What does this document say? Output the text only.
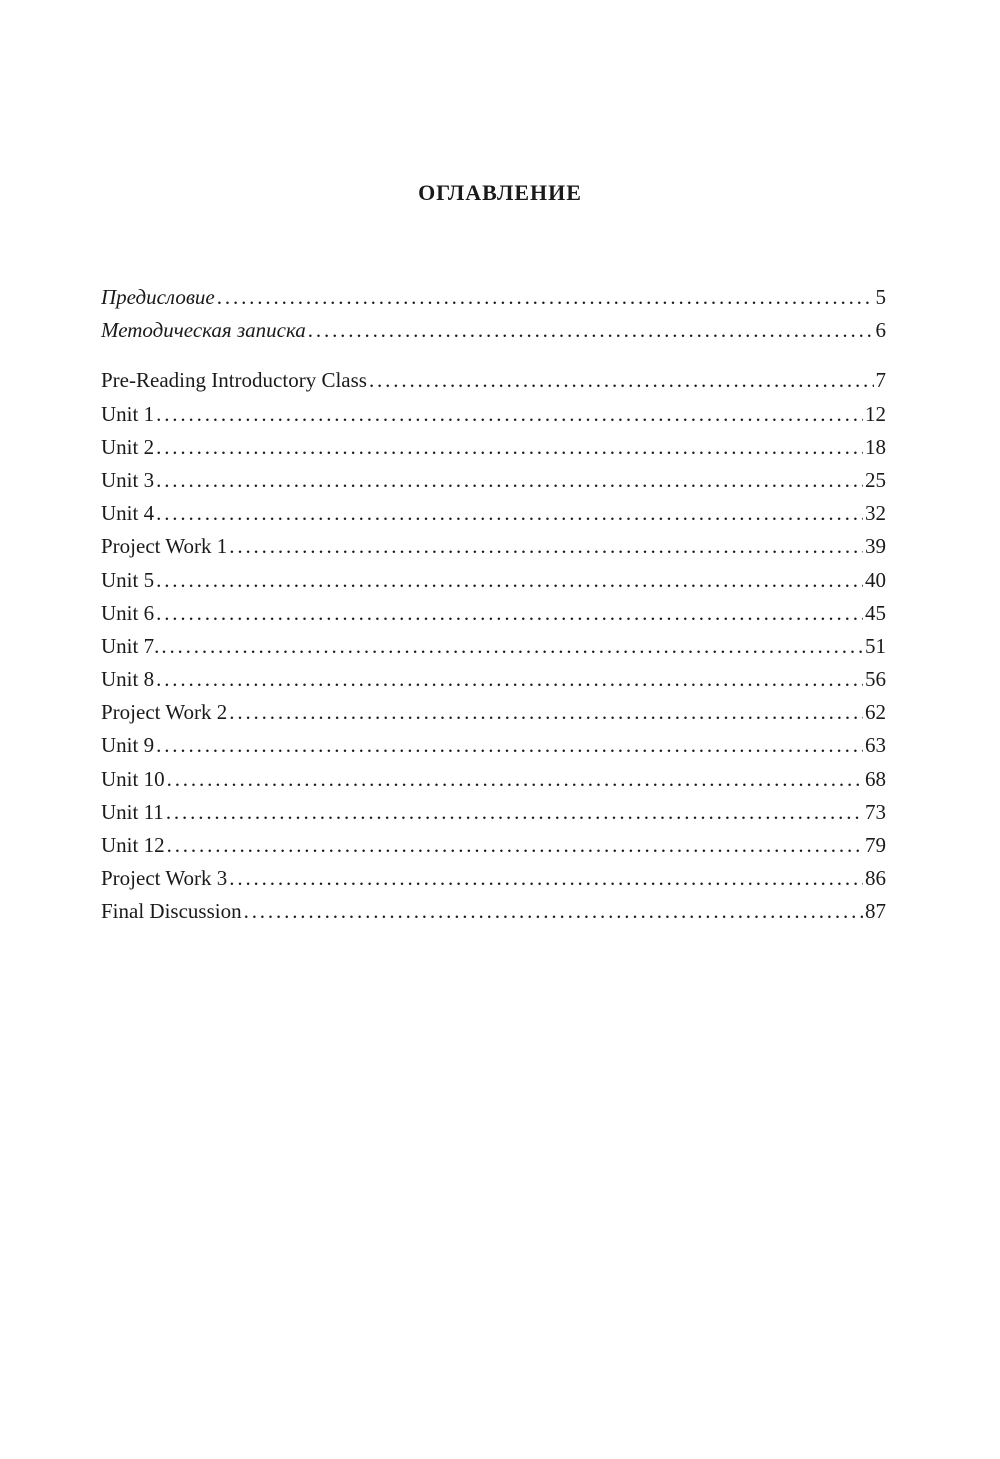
ОГЛАВЛЕНИЕ
Предисловие . . .	5
Методическая записка . . .	6
Pre-Reading Introductory Class . . .	7
Unit 1 . . .	12
Unit 2 . . .	18
Unit 3 . . .	25
Unit 4 . . .	32
Project Work 1 . . .	39
Unit 5 . . .	40
Unit 6 . . .	45
Unit 7. . . .	51
Unit 8 . . .	56
Project Work 2 . . .	62
Unit 9 . . .	63
Unit 10 . . .	68
Unit 11 . . .	73
Unit 12 . . .	79
Project Work 3 . . .	86
Final Discussion . . .	87
